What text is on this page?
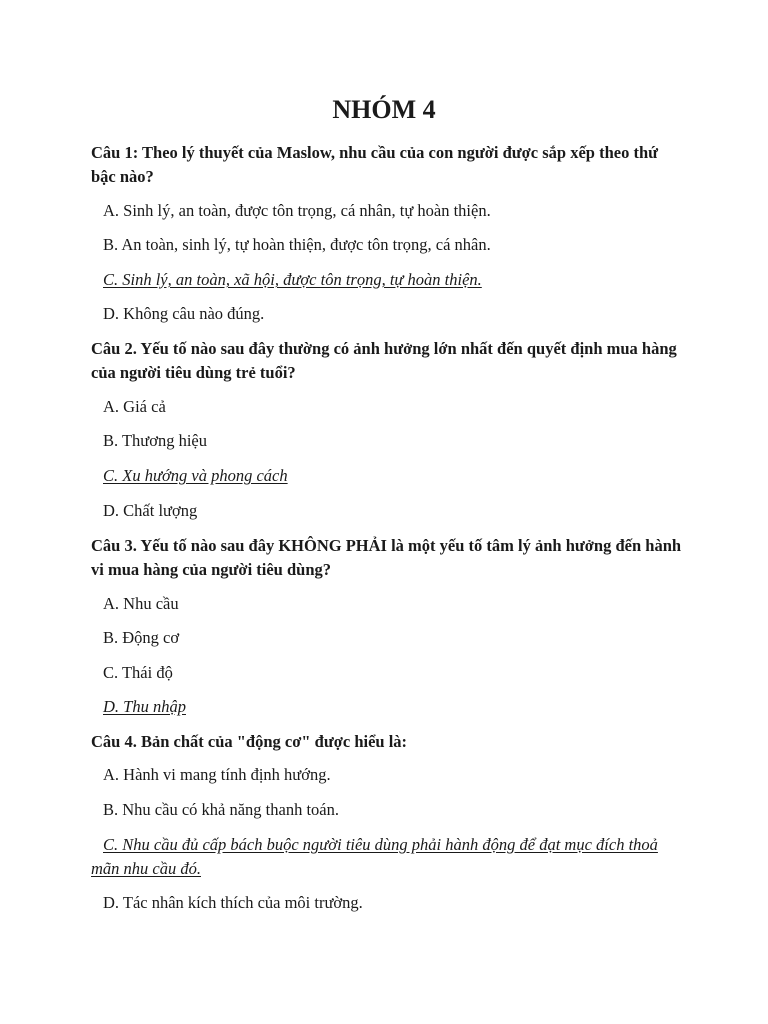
NHÓM 4

Câu 1: Theo lý thuyết của Maslow, nhu cầu của con người được sắp xếp theo thứ bậc nào?

A. Sinh lý, an toàn, được tôn trọng, cá nhân, tự hoàn thiện.

B. An toàn, sinh lý, tự hoàn thiện, được tôn trọng, cá nhân.

C. Sinh lý, an toàn, xã hội, được tôn trọng, tự hoàn thiện.

D. Không câu nào đúng.

Câu 2. Yếu tố nào sau đây thường có ảnh hưởng lớn nhất đến quyết định mua hàng của người tiêu dùng trẻ tuổi?

A. Giá cả

B. Thương hiệu

C. Xu hướng và phong cách

D. Chất lượng

Câu 3. Yếu tố nào sau đây KHÔNG PHẢI là một yếu tố tâm lý ảnh hưởng đến hành vi mua hàng của người tiêu dùng?

A. Nhu cầu

B. Động cơ

C. Thái độ

D. Thu nhập

Câu 4. Bản chất của "động cơ" được hiểu là:

A. Hành vi mang tính định hướng.

B. Nhu cầu có khả năng thanh toán.

C. Nhu cầu đủ cấp bách buộc người tiêu dùng phải hành động để đạt mục đích thoả mãn nhu cầu đó.

D. Tác nhân kích thích của môi trường.
